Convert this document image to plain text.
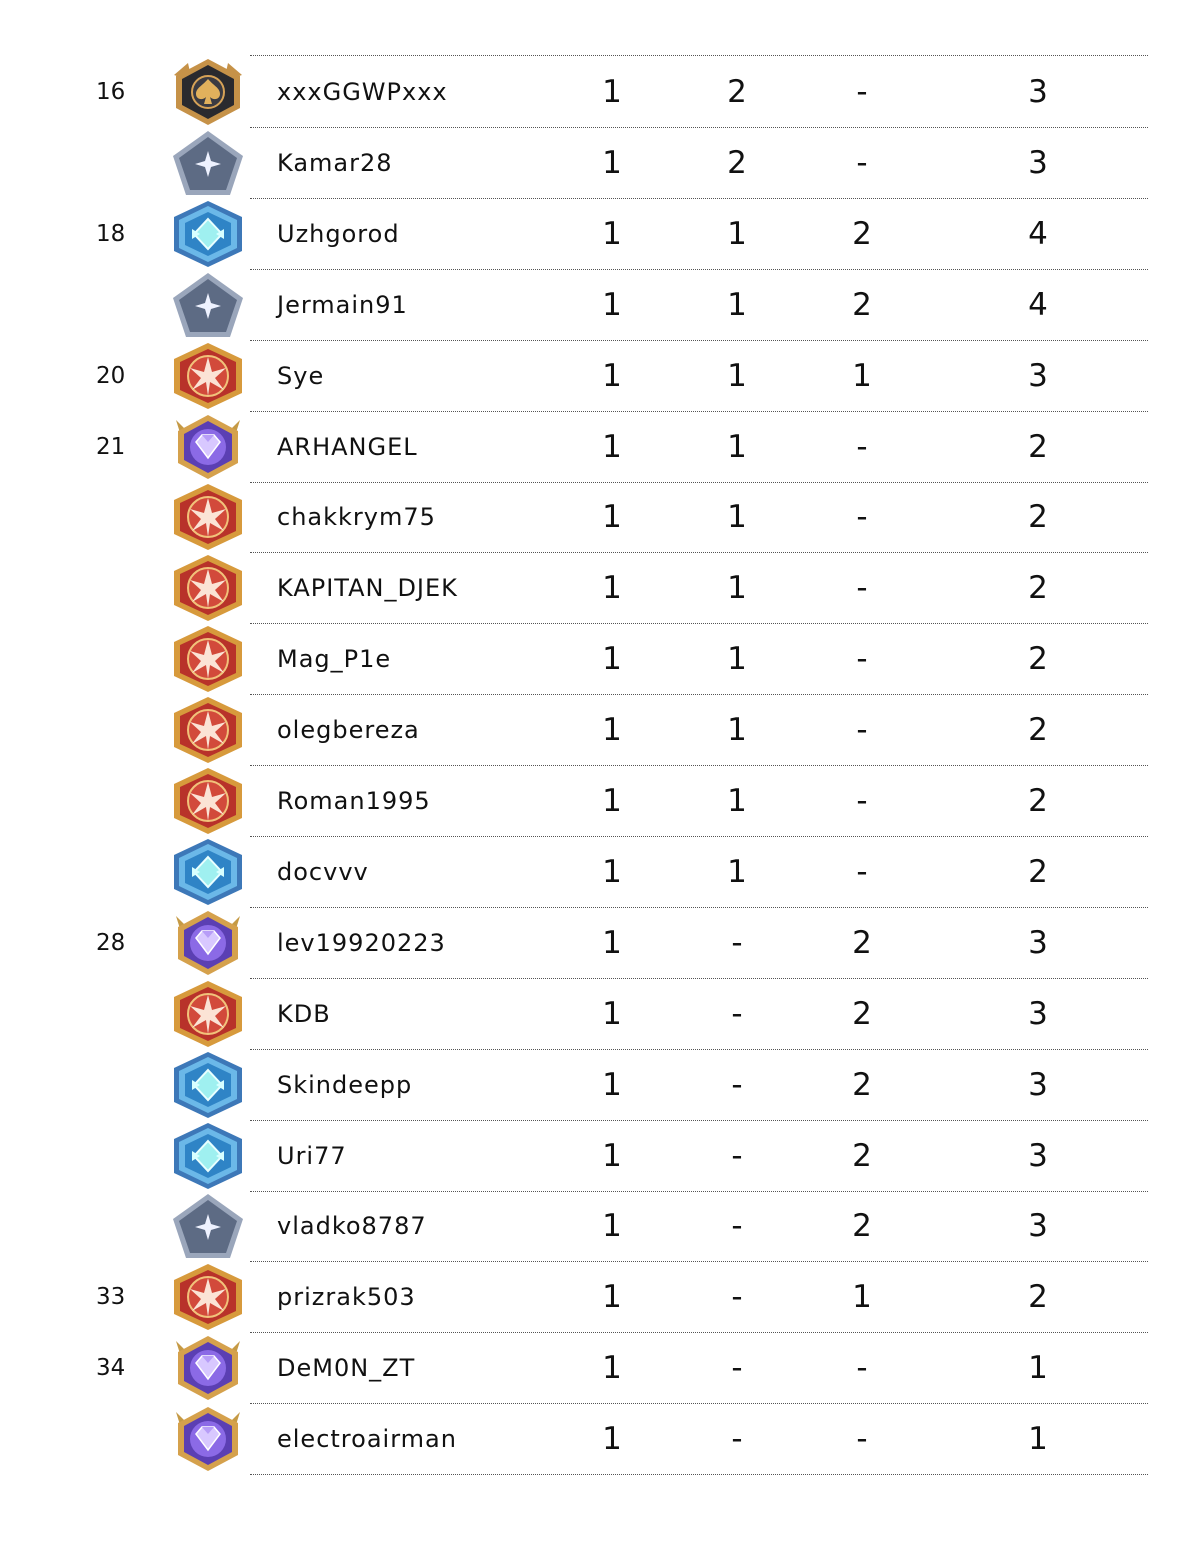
16	xxxGGWPxxx	1	2	-	3
Kamar28	1	2	-	3
18	Uzhgorod	1	1	2	4
Jermain91	1	1	2	4
20	Sye	1	1	1	3
21	ARHANGEL	1	1	-	2
chakkrym75	1	1	-	2
KAPITAN_DJEK	1	1	-	2
Mag_P1e	1	1	-	2
olegbereza	1	1	-	2
Roman1995	1	1	-	2
docvvv	1	1	-	2
28	lev19920223	1	-	2	3
KDB	1	-	2	3
Skindeepp	1	-	2	3
Uri77	1	-	2	3
vladko8787	1	-	2	3
33	prizrak503	1	-	1	2
34	DeM0N_ZT	1	-	-	1
electroairman	1	-	-	1
